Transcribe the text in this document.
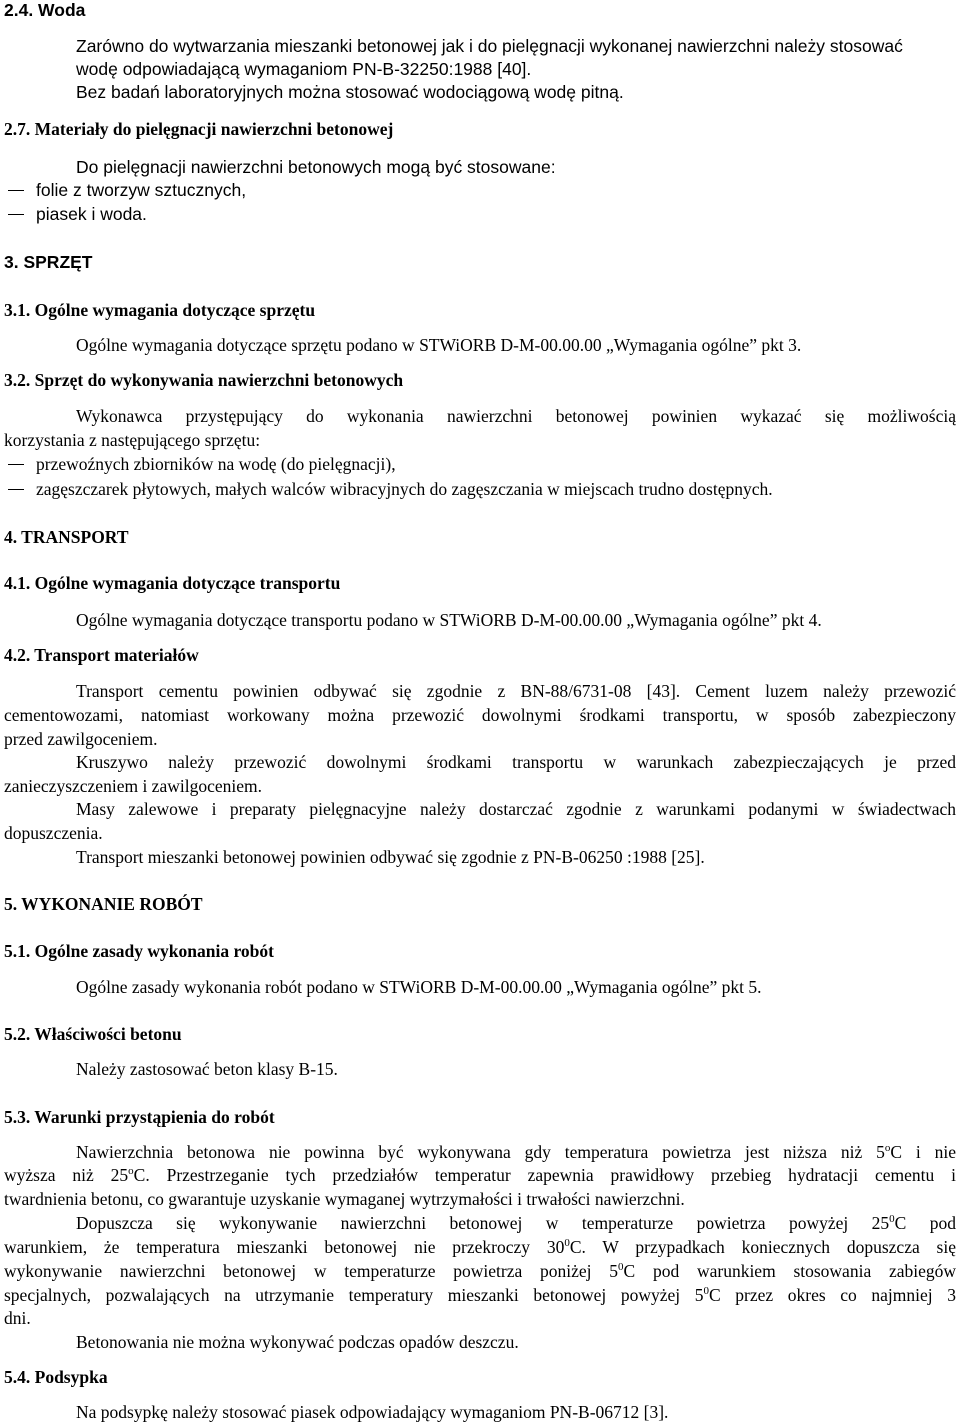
2.4. Woda
Zarówno do wytwarzania mieszanki betonowej jak i do pielęgnacji wykonanej nawierzchni należy stosować
wodę odpowiadającą wymaganiom PN-B-32250:1988 [40].
Bez badań laboratoryjnych można stosować wodociągową wodę pitną.
2.7. Materiały do pielęgnacji nawierzchni betonowej
Do pielęgnacji nawierzchni betonowych mogą być stosowane:
folie z tworzyw sztucznych,
piasek i woda.
3. SPRZĘT
3.1. Ogólne wymagania dotyczące sprzętu
Ogólne wymagania dotyczące sprzętu podano w STWiORB D-M-00.00.00 „Wymagania ogólne” pkt 3.
3.2. Sprzęt do wykonywania nawierzchni betonowych
Wykonawca przystępujący do wykonania nawierzchni betonowej powinien wykazać się możliwością
korzystania z następującego sprzętu:
przewoźnych zbiorników na wodę (do pielęgnacji),
zagęszczarek płytowych, małych walców wibracyjnych do zagęszczania w miejscach trudno dostępnych.
4. TRANSPORT
4.1. Ogólne wymagania dotyczące transportu
Ogólne wymagania dotyczące transportu podano w STWiORB D-M-00.00.00 „Wymagania ogólne” pkt 4.
4.2. Transport materiałów
Transport cementu powinien odbywać się zgodnie z BN-88/6731-08 [43]. Cement luzem należy przewozić
cementowozami, natomiast workowany można przewozić dowolnymi środkami transportu, w sposób zabezpieczony
przed zawilgoceniem.
Kruszywo należy przewozić dowolnymi środkami transportu w warunkach zabezpieczających je przed
zanieczyszczeniem i zawilgoceniem.
Masy zalewowe i preparaty pielęgnacyjne należy dostarczać zgodnie z warunkami podanymi w świadectwach
dopuszczenia.
Transport mieszanki betonowej powinien odbywać się zgodnie z PN-B-06250 :1988 [25].
5. WYKONANIE ROBÓT
5.1. Ogólne zasady wykonania robót
Ogólne zasady wykonania robót podano w STWiORB D-M-00.00.00 „Wymagania ogólne” pkt 5.
5.2. Właściwości betonu
Należy zastosować beton klasy B-15.
5.3. Warunki przystąpienia do robót
Nawierzchnia betonowa nie powinna być wykonywana gdy temperatura powietrza jest niższa niż 5$^o$C i nie
wyższa niż 25$^o$C. Przestrzeganie tych przedziałów temperatur zapewnia prawidłowy przebieg hydratacji cementu i
twardnienia betonu, co gwarantuje uzyskanie wymaganej wytrzymałości i trwałości nawierzchni.
Dopuszcza się wykonywanie nawierzchni betonowej w temperaturze powietrza powyżej $25^0C$ pod
warunkiem, że temperatura mieszanki betonowej nie przekroczy $30^0C$. W przypadkach koniecznych dopuszcza się
wykonywanie nawierzchni betonowej w temperaturze powietrza poniżej $5^0C$ pod warunkiem stosowania zabiegów
specjalnych, pozwalających na utrzymanie temperatury mieszanki betonowej powyżej $5^0C$ przez okres co najmniej 3
dni.
Betonowania nie można wykonywać podczas opadów deszczu.
5.4. Podsypka
Na podsypkę należy stosować piasek odpowiadający wymaganiom PN-B-06712 [3].
